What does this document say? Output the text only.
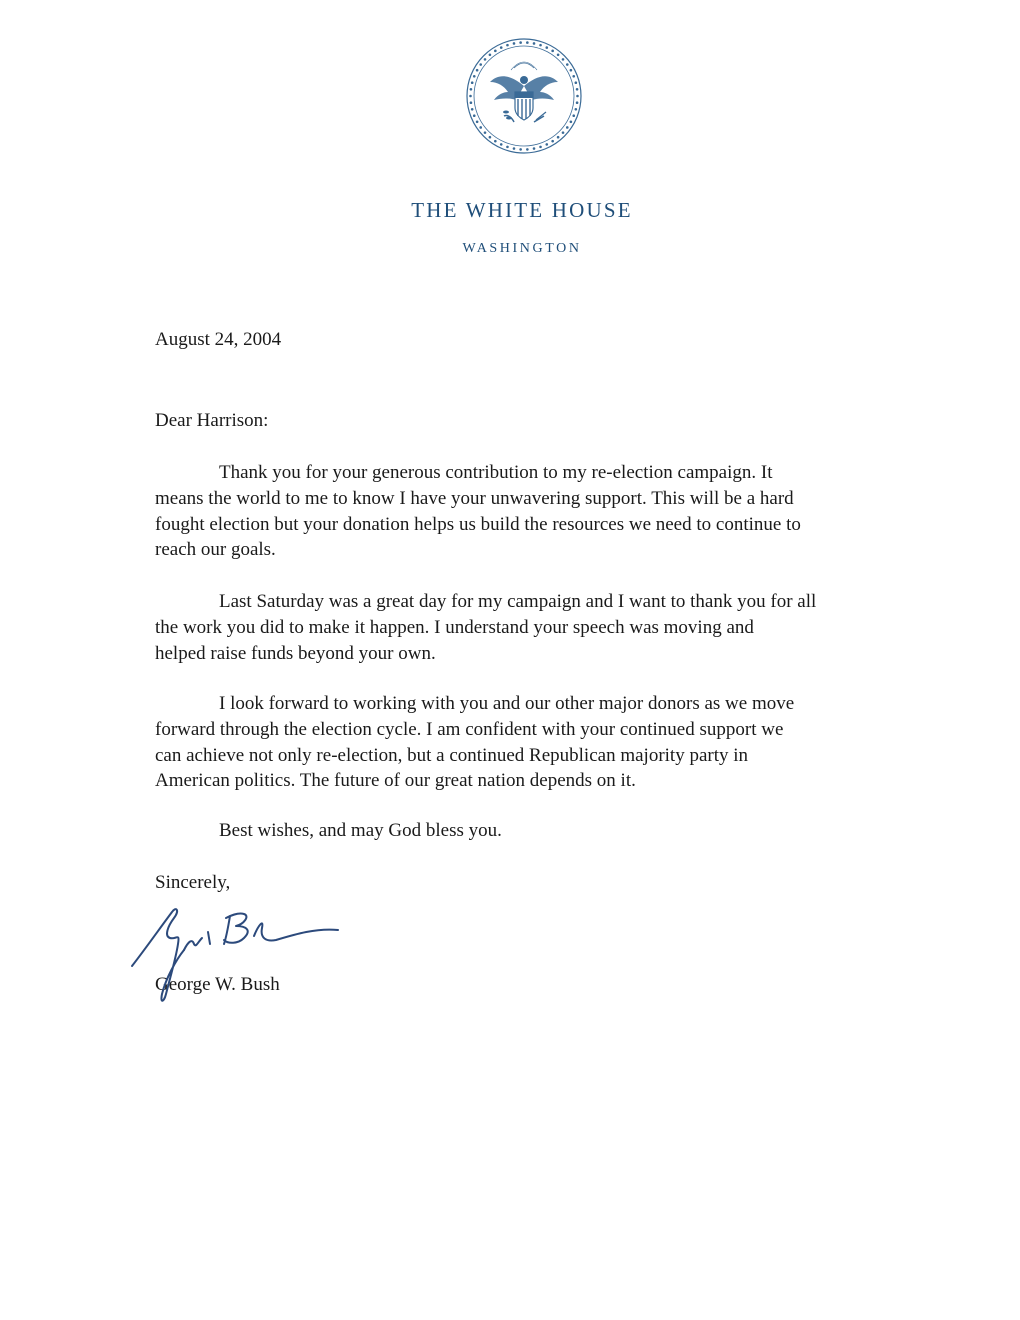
THE WHITE HOUSE
WASHINGTON
August 24, 2004
Dear Harrison:
Thank you for your generous contribution to my re-election campaign. It
means the world to me to know I have your unwavering support. This will be a hard
fought election but your donation helps us build the resources we need to continue to
reach our goals.
Last Saturday was a great day for my campaign and I want to thank you for all
the work you did to make it happen. I understand your speech was moving and
helped raise funds beyond your own.
I look forward to working with you and our other major donors as we move
forward through the election cycle. I am confident with your continued support we
can achieve not only re-election, but a continued Republican majority party in
American politics. The future of our great nation depends on it.
Best wishes, and may God bless you.
Sincerely,
George W. Bush
